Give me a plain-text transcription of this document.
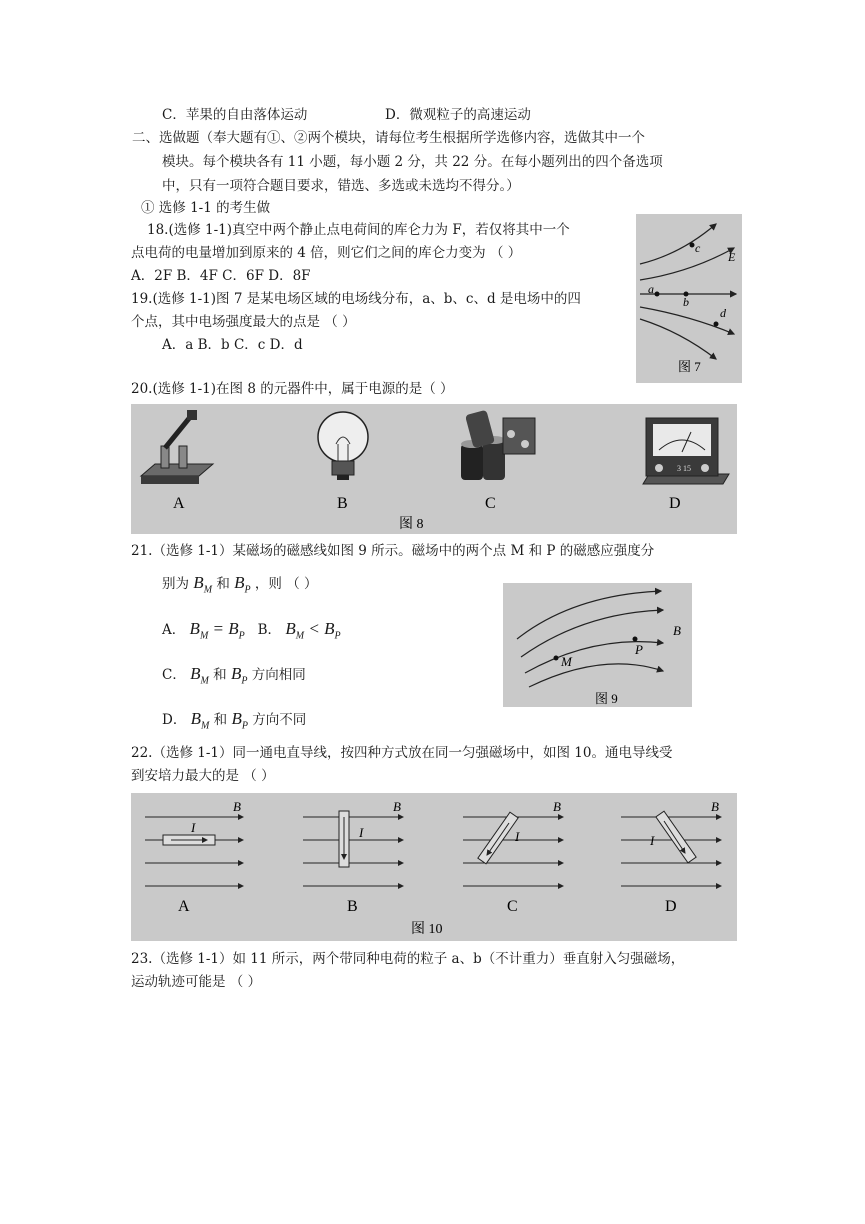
C．苹果的自由落体运动	D．微观粒子的高速运动
二、选做题（奉大题有①、②两个模块，请每位考生根据所学选修内容，选做其中一个
模块。每个模块各有 11 小题，每小题 2 分，共 22 分。在每小题列出的四个备选项
中，只有一项符合题目要求，错选、多选或未选均不得分。）
① 选修 1-1 的考生做
18.(选修 1-1)真空中两个静止点电荷间的库仑力为 F，若仅将其中一个
点电荷的电量增加到原来的 4 倍，则它们之间的库仑力变为 （ ）
A．2F B．4F C．6F D．8F
19.(选修 1-1)图 7 是某电场区域的电场线分布，a、b、c、d 是电场中的四
个点，其中电场强度最大的点是 （ ）
A．a B．b C．c D．d
c
E
a
b
d
图 7
20.(选修 1-1)在图 8 的元器件中，属于电源的是（ ）
3 15
A	B	C	D
图 8
21.（选修 1-1）某磁场的磁感线如图 9 所示。磁场中的两个点 M 和 P 的磁感应强度分
别为 $B_M$ 和 $B_P$ ，则 （ ）
A． $B_M = B_P$ B． $B_M < B_P$
C． $B_M$ 和 $B_P$ 方向相同
D． $B_M$ 和 $B_P$ 方向不同
M
P
B
图 9
22.（选修 1-1）同一通电直导线，按四种方式放在同一匀强磁场中，如图 10。通电导线受
到安培力最大的是 （ ）
I
B
I
B
I
B
I
B
A	B	C	D
图 10
23.（选修 1-1）如 11 所示，两个带同种电荷的粒子 a、b（不计重力）垂直射入匀强磁场，
运动轨迹可能是 （ ）
